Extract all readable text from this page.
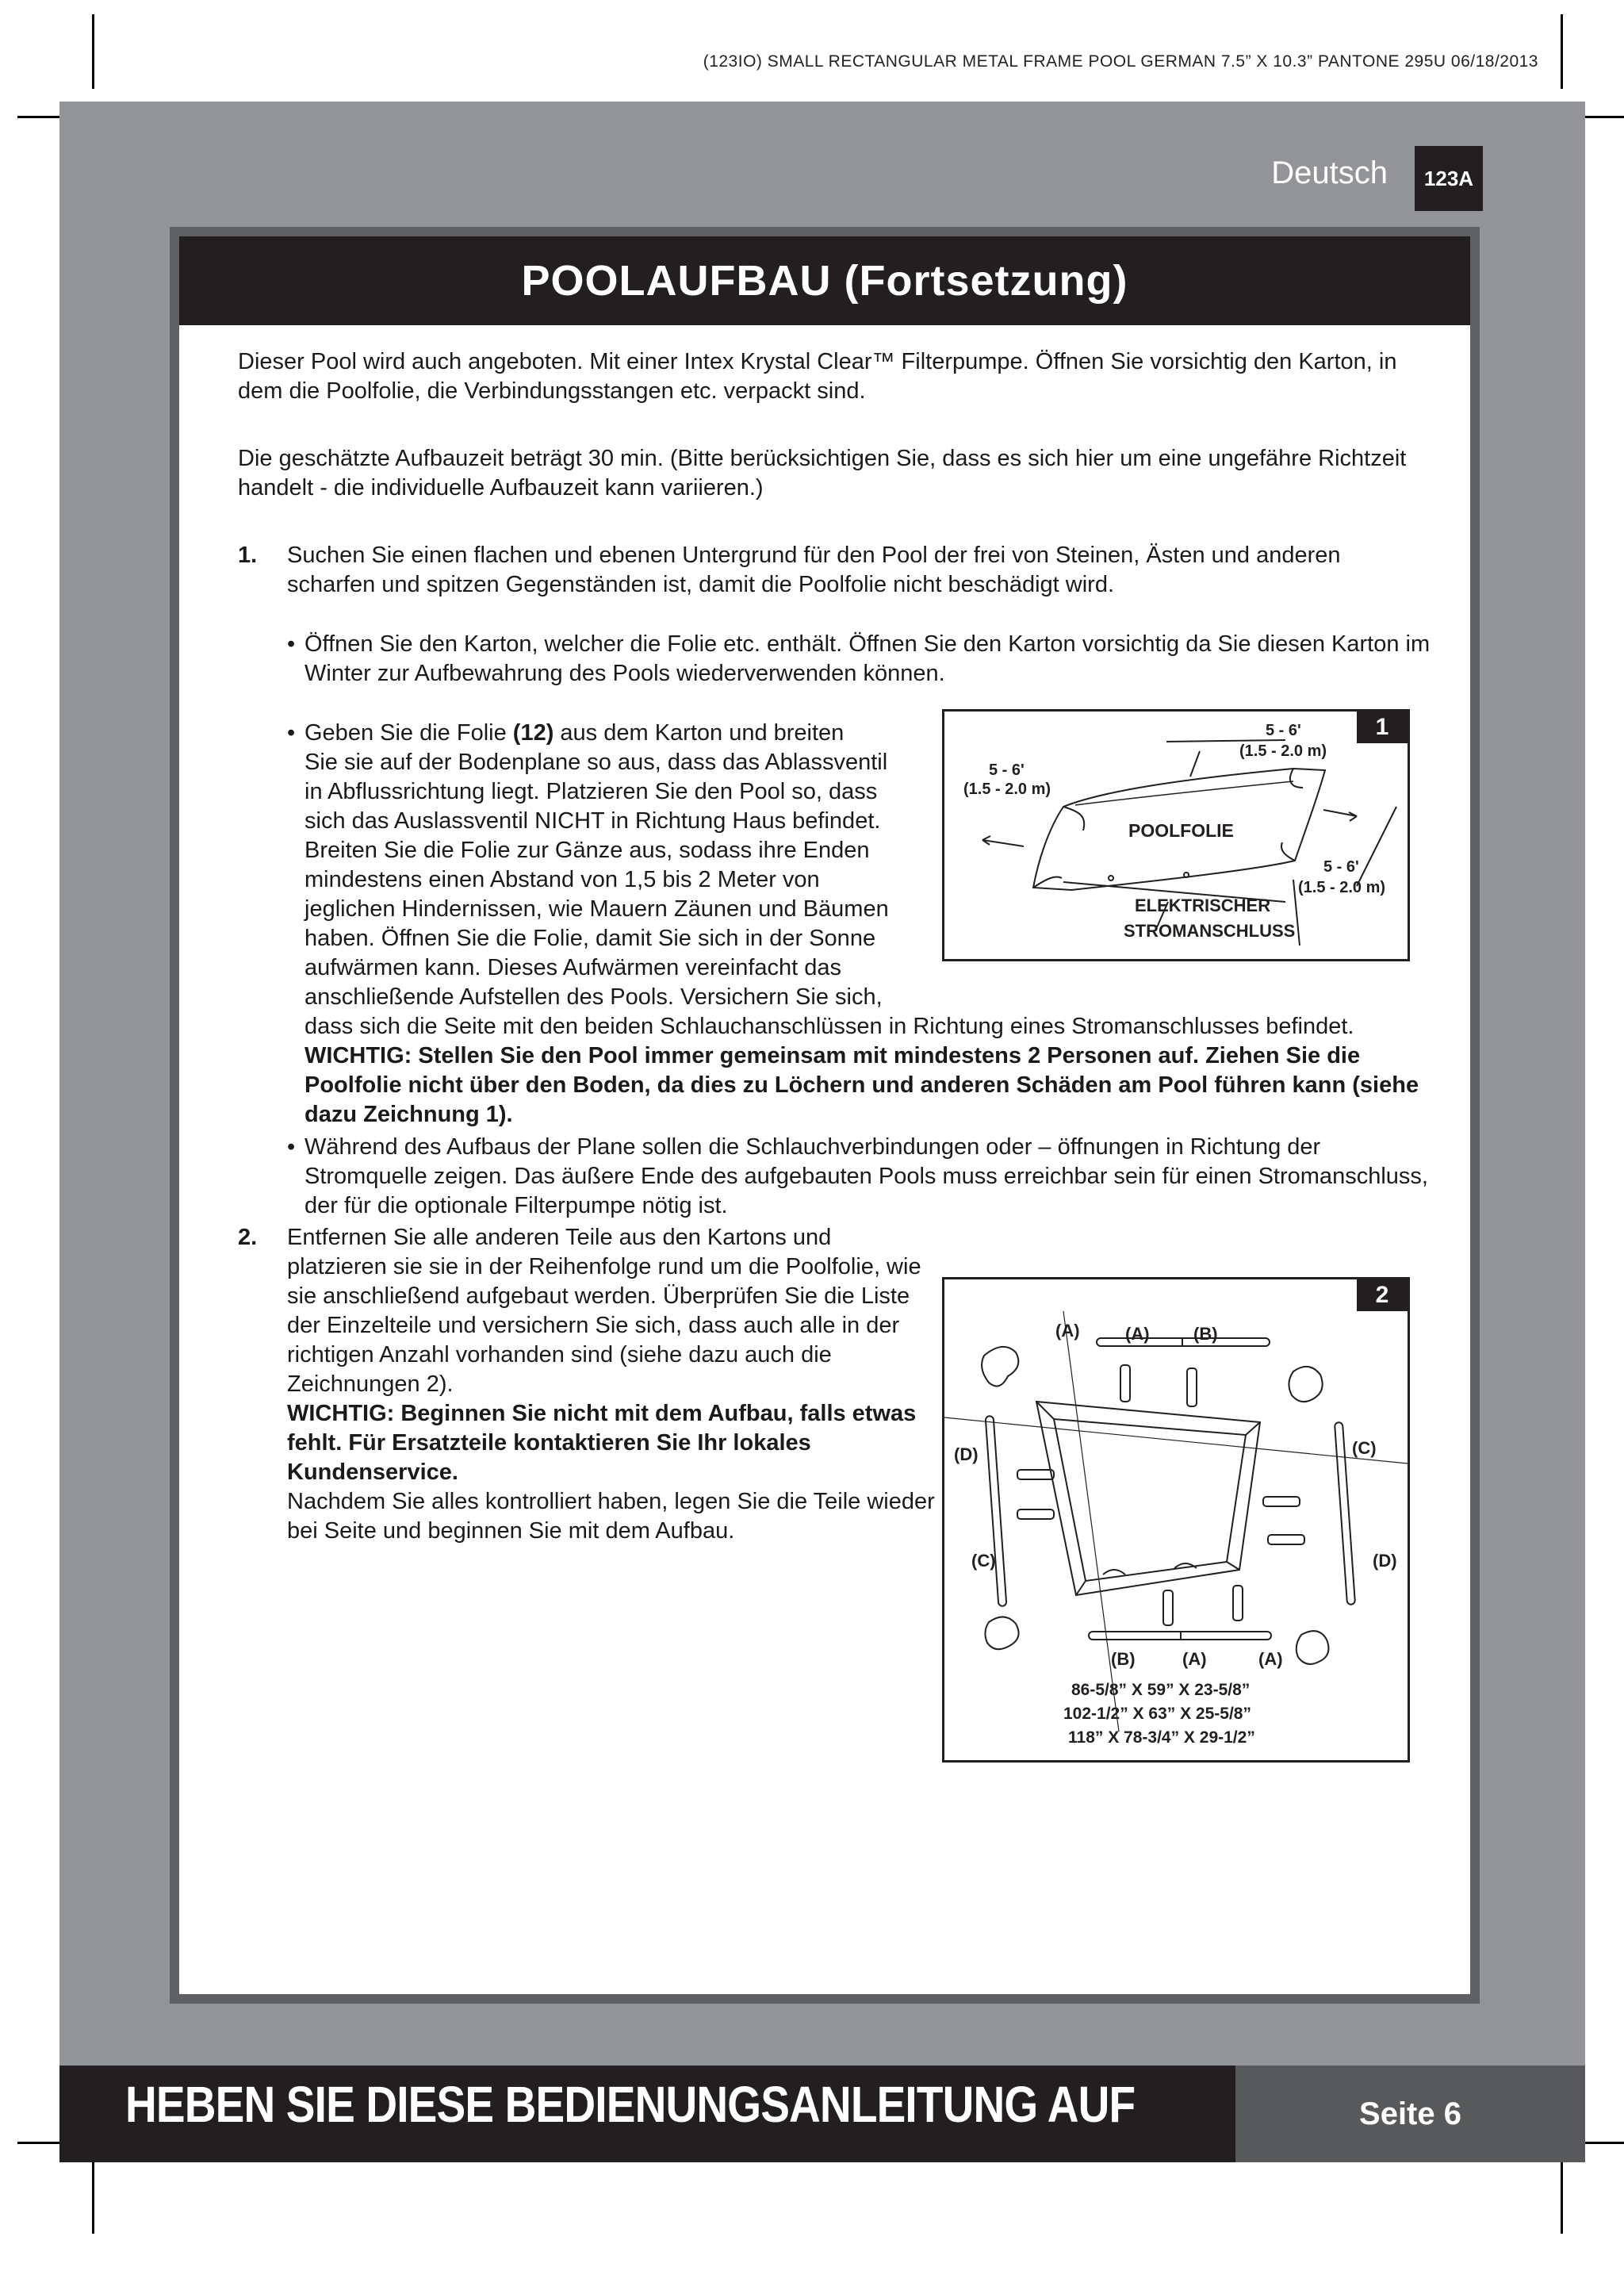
(123IO) SMALL RECTANGULAR METAL FRAME POOL GERMAN 7.5” X 10.3” PANTONE 295U 06/18/2013
Deutsch	123A
POOLAUFBAU (Fortsetzung)

Dieser Pool wird auch angeboten. Mit einer Intex Krystal Clear™ Filterpumpe. Öffnen Sie vorsichtig den Karton, in dem die Poolfolie, die Verbindungsstangen etc. verpackt sind.

Die geschätzte Aufbauzeit beträgt 30 min. (Bitte berücksichtigen Sie, dass es sich hier um eine ungefähre Richtzeit handelt - die individuelle Aufbauzeit kann variieren.)

1. Suchen Sie einen flachen und ebenen Untergrund für den Pool der frei von Steinen, Ästen und anderen scharfen und spitzen Gegenständen ist, damit die Poolfolie nicht beschädigt wird.

• Öffnen Sie den Karton, welcher die Folie etc. enthält. Öffnen Sie den Karton vorsichtig da Sie diesen Karton im Winter zur Aufbewahrung des Pools wiederverwenden können.

• Geben Sie die Folie (12) aus dem Karton und breiten
Sie sie auf der Bodenplane so aus, dass das Ablassventil
in Abflussrichtung liegt. Platzieren Sie den Pool so, dass
sich das Auslassventil NICHT in Richtung Haus befindet.
Breiten Sie die Folie zur Gänze aus, sodass ihre Enden
mindestens einen Abstand von 1,5 bis 2 Meter von
jeglichen Hindernissen, wie Mauern Zäunen und Bäumen
haben. Öffnen Sie die Folie, damit Sie sich in der Sonne
aufwärmen kann. Dieses Aufwärmen vereinfacht das
anschließende Aufstellen des Pools. Versichern Sie sich,
dass sich die Seite mit den beiden Schlauchanschlüssen in Richtung eines Stromanschlusses befindet.
WICHTIG: Stellen Sie den Pool immer gemeinsam mit mindestens 2 Personen auf. Ziehen Sie die Poolfolie nicht über den Boden, da dies zu Löchern und anderen Schäden am Pool führen kann (siehe dazu Zeichnung 1).
• Während des Aufbaus der Plane sollen die Schlauchverbindungen oder – öffnungen in Richtung der Stromquelle zeigen. Das äußere Ende des aufgebauten Pools muss erreichbar sein für einen Stromanschluss, der für die optionale Filterpumpe nötig ist.

2. Entfernen Sie alle anderen Teile aus den Kartons und platzieren sie sie in der Reihenfolge rund um die Poolfolie, wie sie anschließend aufgebaut werden. Überprüfen Sie die Liste der Einzelteile und versichern Sie sich, dass auch alle in der richtigen Anzahl vorhanden sind (siehe dazu auch die Zeichnungen 2).
WICHTIG: Beginnen Sie nicht mit dem Aufbau, falls etwas fehlt. Für Ersatzteile kontaktieren Sie Ihr lokales Kundenservice.
Nachdem Sie alles kontrolliert haben, legen Sie die Teile wieder bei Seite und beginnen Sie mit dem Aufbau.
1
5 - 6'
(1.5 - 2.0 m)
5 - 6'
(1.5 - 2.0 m)
5 - 6'
(1.5 - 2.0 m)
POOLFOLIE
ELEKTRISCHER
STROMANSCHLUSS
2
(A)	(A)	(B)
(B)	(A)	(A)
(D)
(C)
(C)
(D)
86-5/8” X 59” X 23-5/8”
102-1/2” X 63” X 25-5/8”
118” X 78-3/4” X 29-1/2”
HEBEN SIE DIESE BEDIENUNGSANLEITUNG AUF	Seite 6
